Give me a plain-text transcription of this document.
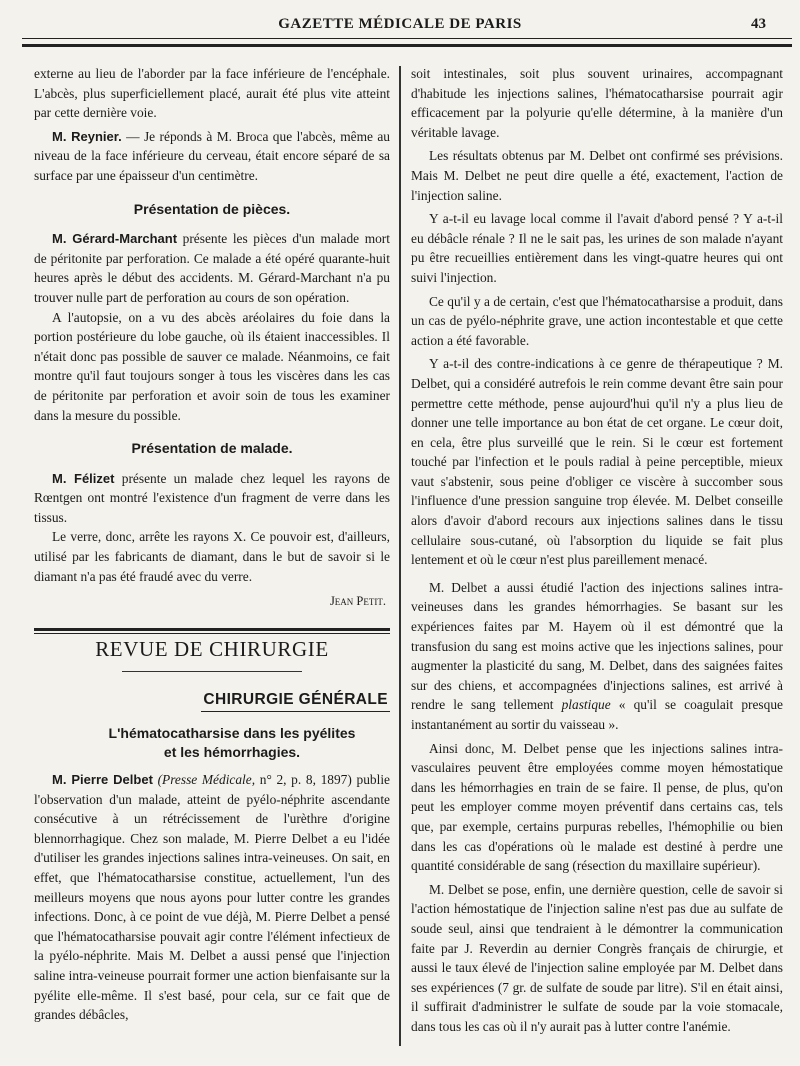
GAZETTE MÉDICALE DE PARIS	43

externe au lieu de l'aborder par la face inférieure de l'encéphale. L'abcès, plus superficiellement placé, aurait été plus vite atteint par cette dernière voie.

M. Reynier. — Je réponds à M. Broca que l'abcès, même au niveau de la face inférieure du cerveau, était encore séparé de sa surface par une épaisseur d'un centimètre.

Présentation de pièces.

M. Gérard-Marchant présente les pièces d'un malade mort de péritonite par perforation. Ce malade a été opéré quarante-huit heures après le début des accidents. M. Gérard-Marchant n'a pu trouver nulle part de perforation au cours de son opération.

A l'autopsie, on a vu des abcès aréolaires du foie dans la portion postérieure du lobe gauche, où ils étaient inaccessibles. Il n'était donc pas possible de sauver ce malade. Néanmoins, ce fait montre qu'il faut toujours songer à tous les viscères dans les cas de péritonite par perforation et avoir soin de tous les examiner dans la mesure du possible.

Présentation de malade.

M. Félizet présente un malade chez lequel les rayons de Rœntgen ont montré l'existence d'un fragment de verre dans les tissus.

Le verre, donc, arrête les rayons X. Ce pouvoir est, d'ailleurs, utilisé par les fabricants de diamant, dans le but de savoir si le diamant n'a pas été fraudé avec du verre.

Jean Petit.

REVUE DE CHIRURGIE

CHIRURGIE GÉNÉRALE

L'hématocatharsise dans les pyélites
et les hémorrhagies.

M. Pierre Delbet (Presse Médicale, n° 2, p. 8, 1897) publie l'observation d'un malade, atteint de pyélo-néphrite ascendante consécutive à un rétrécissement de l'urèthre d'origine blennorrhagique. Chez son malade, M. Pierre Delbet a eu l'idée d'utiliser les grandes injections salines intra-veineuses. On sait, en effet, que l'hématocatharsise constitue, actuellement, l'un des meilleurs moyens que nous ayons pour lutter contre les grandes infections. Donc, à ce point de vue déjà, M. Pierre Delbet a pensé que l'hématocatharsise pouvait agir contre l'élément infectieux de la pyélo-néphrite. Mais M. Delbet a aussi pensé que l'injection saline intra-veineuse pourrait former une action bienfaisante sur la pyélite elle-même. Il s'est basé, pour cela, sur ce fait que de grandes débâcles,

soit intestinales, soit plus souvent urinaires, accompagnant d'habitude les injections salines, l'hématocatharsise pourrait agir efficacement par la polyurie qu'elle détermine, à la manière d'un véritable lavage.

Les résultats obtenus par M. Delbet ont confirmé ses prévisions. Mais M. Delbet ne peut dire quelle a été, exactement, l'action de l'injection saline.

Y a-t-il eu lavage local comme il l'avait d'abord pensé ? Y a-t-il eu débâcle rénale ? Il ne le sait pas, les urines de son malade n'ayant pu être recueillies entièrement dans les vingt-quatre heures qui ont suivi l'injection.

Ce qu'il y a de certain, c'est que l'hématocatharsise a produit, dans un cas de pyélo-néphrite grave, une action incontestable et que cette action a été favorable.

Y a-t-il des contre-indications à ce genre de thérapeutique ? M. Delbet, qui a considéré autrefois le rein comme devant être sain pour permettre cette méthode, pense aujourd'hui qu'il n'y a plus lieu de donner une telle importance au bon état de cet organe. Le cœur doit, en cela, être plus surveillé que le rein. Si le cœur est fortement touché par l'infection et le pouls radial à peine perceptible, mieux vaut s'abstenir, sous peine d'obliger ce viscère à succomber sous l'influence d'une pression sanguine trop élevée. M. Delbet conseille alors d'avoir d'abord recours aux injections salines dans le tissu cellulaire sous-cutané, où l'absorption du liquide se fait plus lentement et où le cœur n'est plus pareillement menacé.

M. Delbet a aussi étudié l'action des injections salines intra-veineuses dans les grandes hémorrhagies. Se basant sur les expériences faites par M. Hayem où il est démontré que la transfusion du sang est moins active que les injections salines, pour augmenter la plasticité du sang, M. Delbet, dans des saignées faites sur des chiens, et accompagnées d'injections salines, est arrivé à rendre le sang tellement plastique « qu'il se coagulait presque instantanément au sortir du vaisseau ».

Ainsi donc, M. Delbet pense que les injections salines intra-vasculaires peuvent être employées comme moyen hémostatique dans les hémorrhagies en train de se faire. Il pense, de plus, qu'on peut les employer comme moyen préventif dans certains cas, tels que, par exemple, certains purpuras rebelles, l'hémophilie ou bien dans les cas d'opérations où le malade est destiné à perdre une quantité considérable de sang (résection du maxillaire supérieur).

M. Delbet se pose, enfin, une dernière question, celle de savoir si l'action hémostatique de l'injection saline n'est pas due au sulfate de soude seul, ainsi que tendraient à le démontrer la communication faite par J. Reverdin au dernier Congrès français de chirurgie, et aussi le taux élevé de l'injection saline employée par M. Delbet dans ses expériences (7 gr. de sulfate de soude par litre). S'il en était ainsi, il suffirait d'administrer le sulfate de soude par la voie stomacale, dans tous les cas où il n'y aurait pas à lutter contre l'anémie.
